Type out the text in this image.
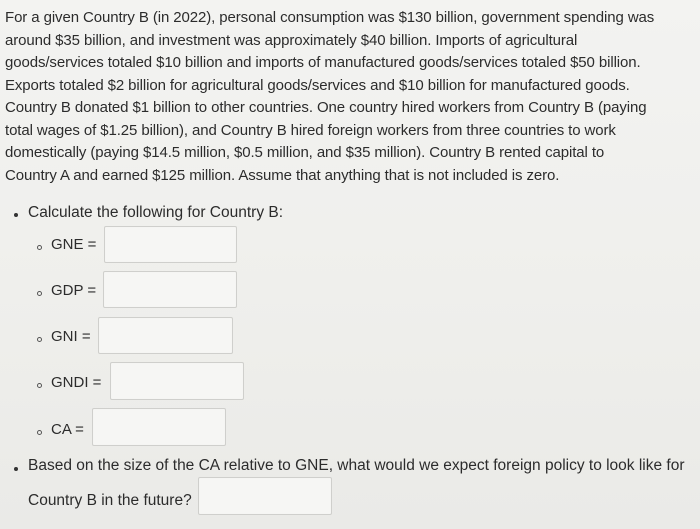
For a given Country B (in 2022), personal consumption was $130 billion, government spending was
around $35 billion, and investment was approximately $40 billion. Imports of agricultural
goods/services totaled $10 billion and imports of manufactured goods/services totaled $50 billion.
Exports totaled $2 billion for agricultural goods/services and $10 billion for manufactured goods.
Country B donated $1 billion to other countries. One country hired workers from Country B (paying
total wages of $1.25 billion), and Country B hired foreign workers from three countries to work
domestically (paying $14.5 million, $0.5 million, and $35 million). Country B rented capital to
Country A and earned $125 million. Assume that anything that is not included is zero.
Calculate the following for Country B:
GNE =
GDP =
GNI =
GNDI =
CA =
Based on the size of the CA relative to GNE, what would we expect foreign policy to look like for
Country B in the future?
